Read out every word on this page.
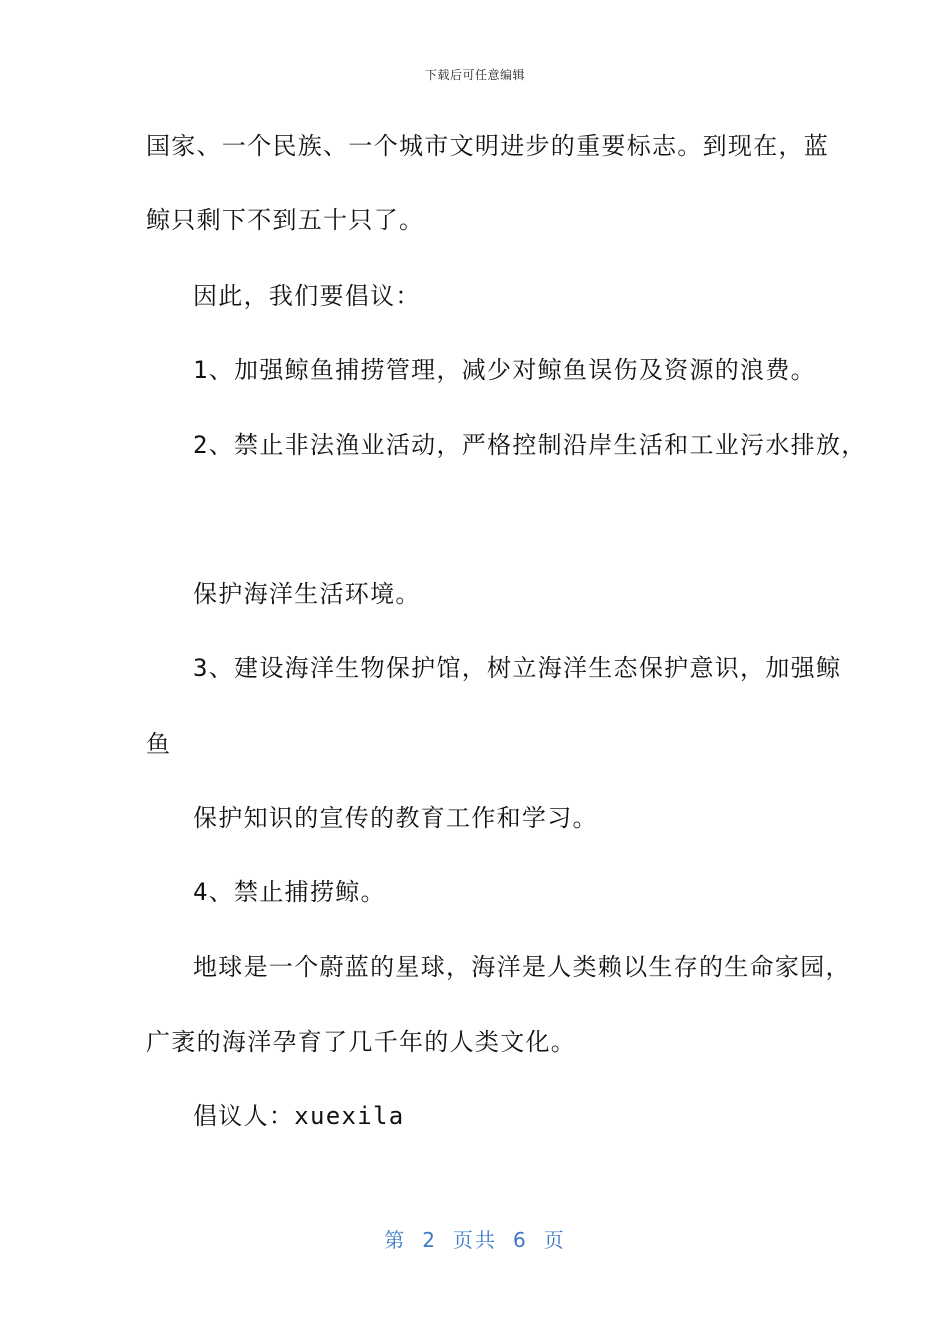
下载后可任意编辑
国家、一个民族、一个城市文明进步的重要标志。到现在，蓝
鲸只剩下不到五十只了。
因此，我们要倡议：
1、加强鲸鱼捕捞管理，减少对鲸鱼误伤及资源的浪费。
2、禁止非法渔业活动，严格控制沿岸生活和工业污水排放，
保护海洋生活环境。
3、建设海洋生物保护馆，树立海洋生态保护意识，加强鲸
鱼
保护知识的宣传的教育工作和学习。
4、禁止捕捞鲸。
地球是一个蔚蓝的星球，海洋是人类赖以生存的生命家园，
广袤的海洋孕育了几千年的人类文化。
倡议人：xuexila
第 2 页共 6 页
